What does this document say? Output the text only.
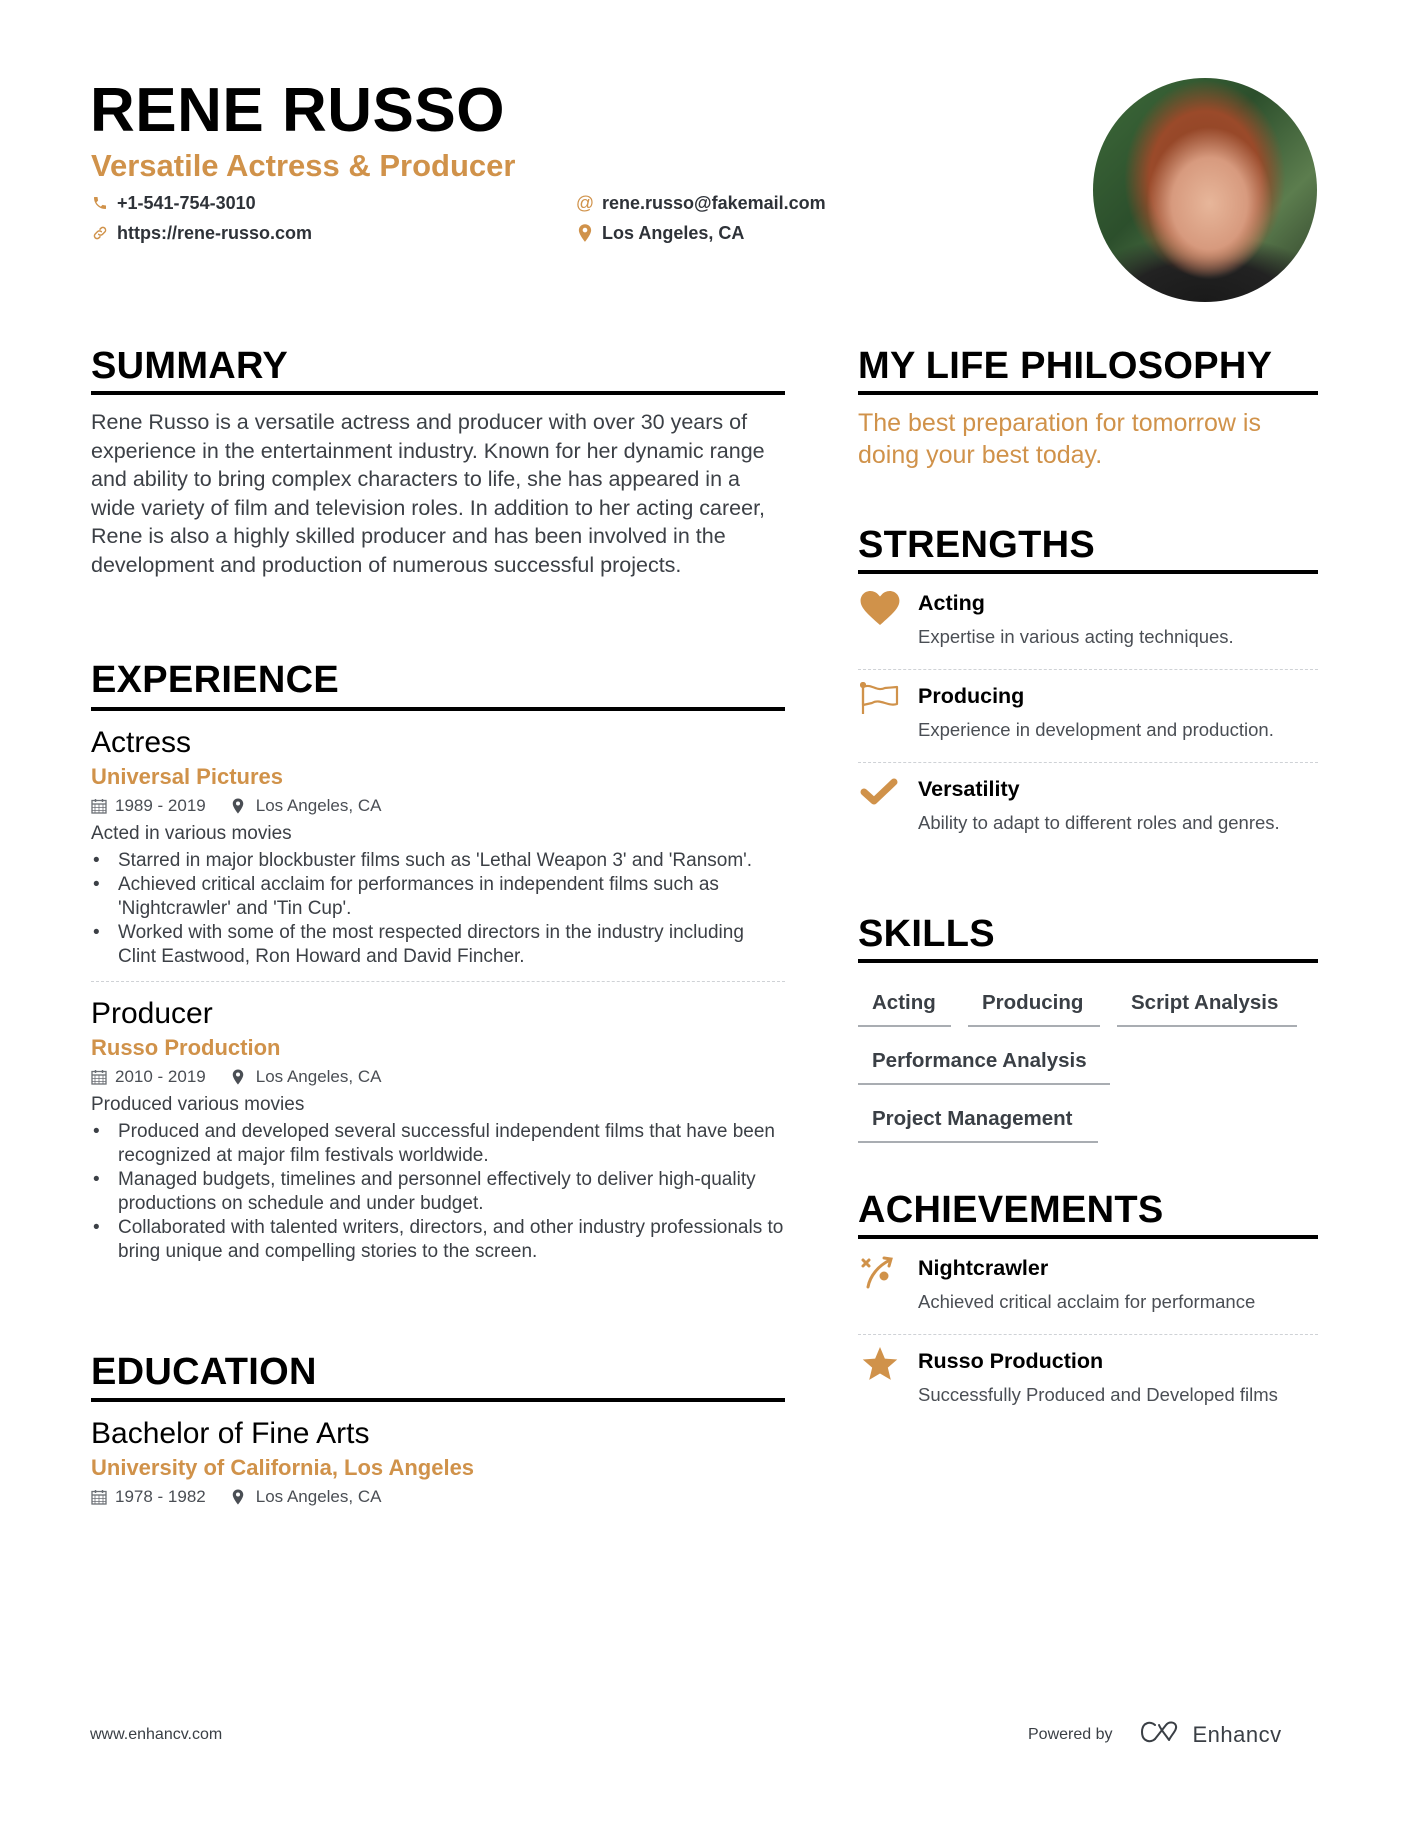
RENE RUSSO
Versatile Actress & Producer
+1-541-754-3010
https://rene-russo.com
@ rene.russo@fakemail.com
Los Angeles, CA
SUMMARY
Rene Russo is a versatile actress and producer with over 30 years of experience in the entertainment industry. Known for her dynamic range and ability to bring complex characters to life, she has appeared in a wide variety of film and television roles. In addition to her acting career, Rene is also a highly skilled producer and has been involved in the development and production of numerous successful projects.
EXPERIENCE
Actress
Universal Pictures
1989 - 2019	Los Angeles, CA
Acted in various movies
• Starred in major blockbuster films such as 'Lethal Weapon 3' and 'Ransom'.
• Achieved critical acclaim for performances in independent films such as 'Nightcrawler' and 'Tin Cup'.
• Worked with some of the most respected directors in the industry including Clint Eastwood, Ron Howard and David Fincher.
Producer
Russo Production
2010 - 2019	Los Angeles, CA
Produced various movies
• Produced and developed several successful independent films that have been recognized at major film festivals worldwide.
• Managed budgets, timelines and personnel effectively to deliver high-quality productions on schedule and under budget.
• Collaborated with talented writers, directors, and other industry professionals to bring unique and compelling stories to the screen.
EDUCATION
Bachelor of Fine Arts
University of California, Los Angeles
1978 - 1982	Los Angeles, CA
MY LIFE PHILOSOPHY
The best preparation for tomorrow is doing your best today.
STRENGTHS
Acting
Expertise in various acting techniques.
Producing
Experience in development and production.
Versatility
Ability to adapt to different roles and genres.
SKILLS
Acting	Producing	Script Analysis
Performance Analysis
Project Management
ACHIEVEMENTS
Nightcrawler
Achieved critical acclaim for performance
Russo Production
Successfully Produced and Developed films
www.enhancv.com	Powered by	Enhancv
